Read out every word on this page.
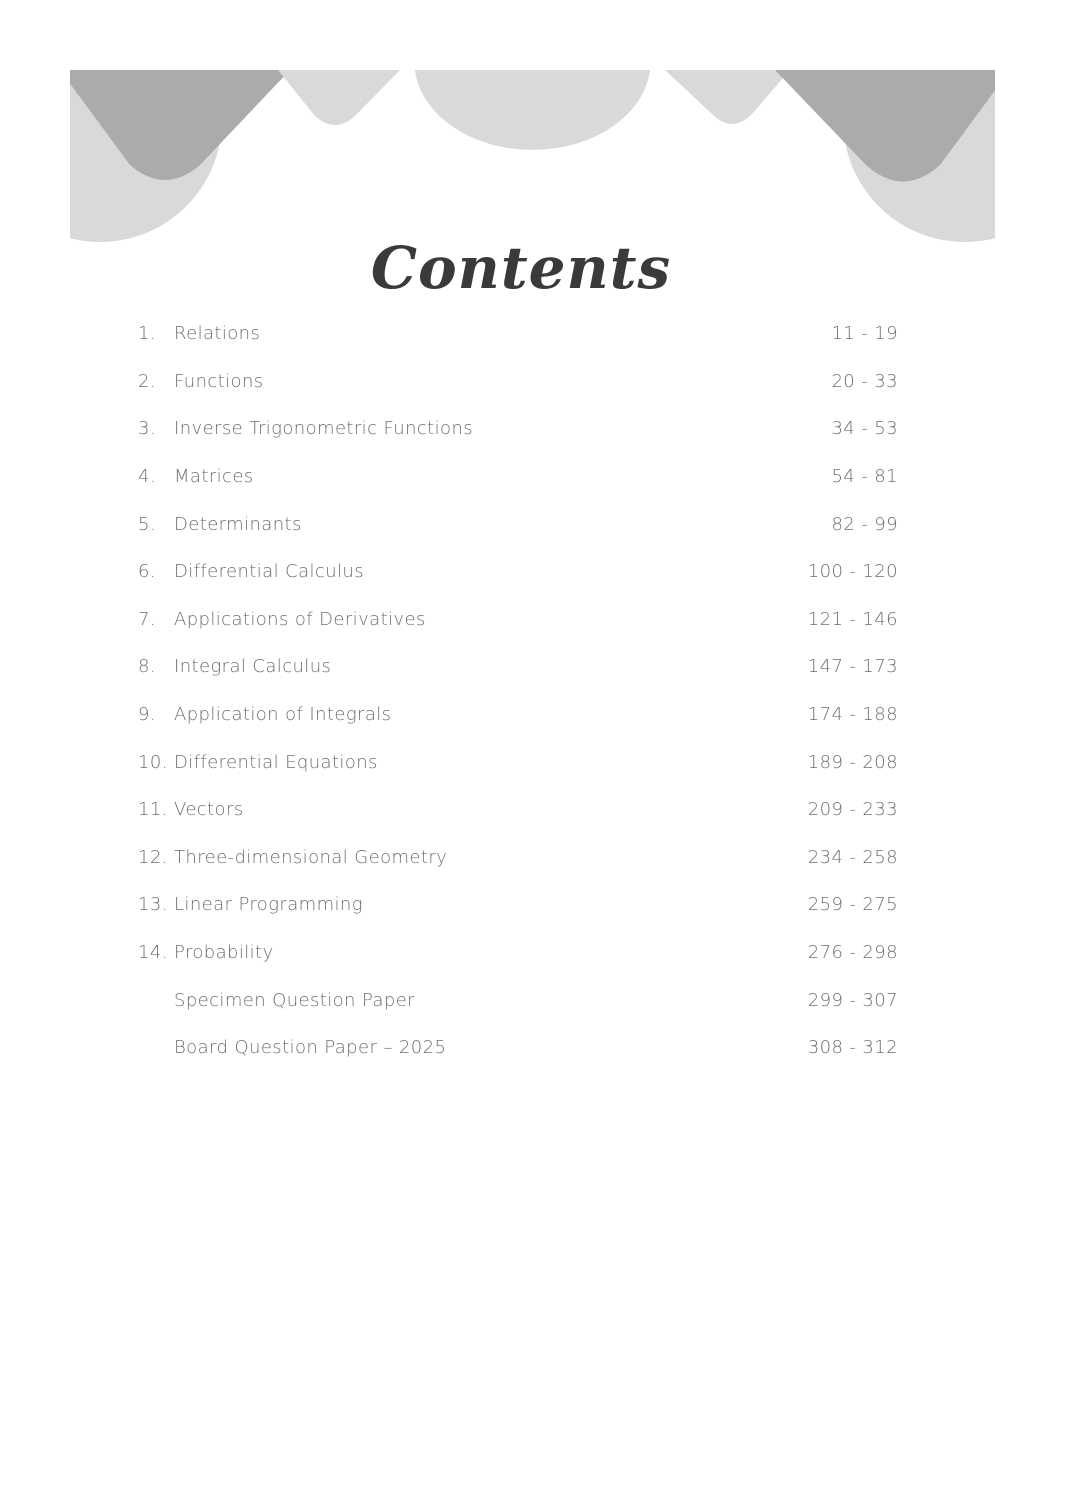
Contents
1.	Relations	11 - 19
2.	Functions	20 - 33
3.	Inverse Trigonometric Functions	34 - 53
4.	Matrices	54 - 81
5.	Determinants	82 - 99
6.	Differential Calculus	100 - 120
7.	Applications of Derivatives	121 - 146
8.	Integral Calculus	147 - 173
9.	Application of Integrals	174 - 188
10. Differential Equations	189 - 208
11. Vectors	209 - 233
12. Three-dimensional Geometry	234 - 258
13. Linear Programming	259 - 275
14. Probability	276 - 298
Specimen Question Paper	299 - 307
Board Question Paper – 2025	308 - 312
